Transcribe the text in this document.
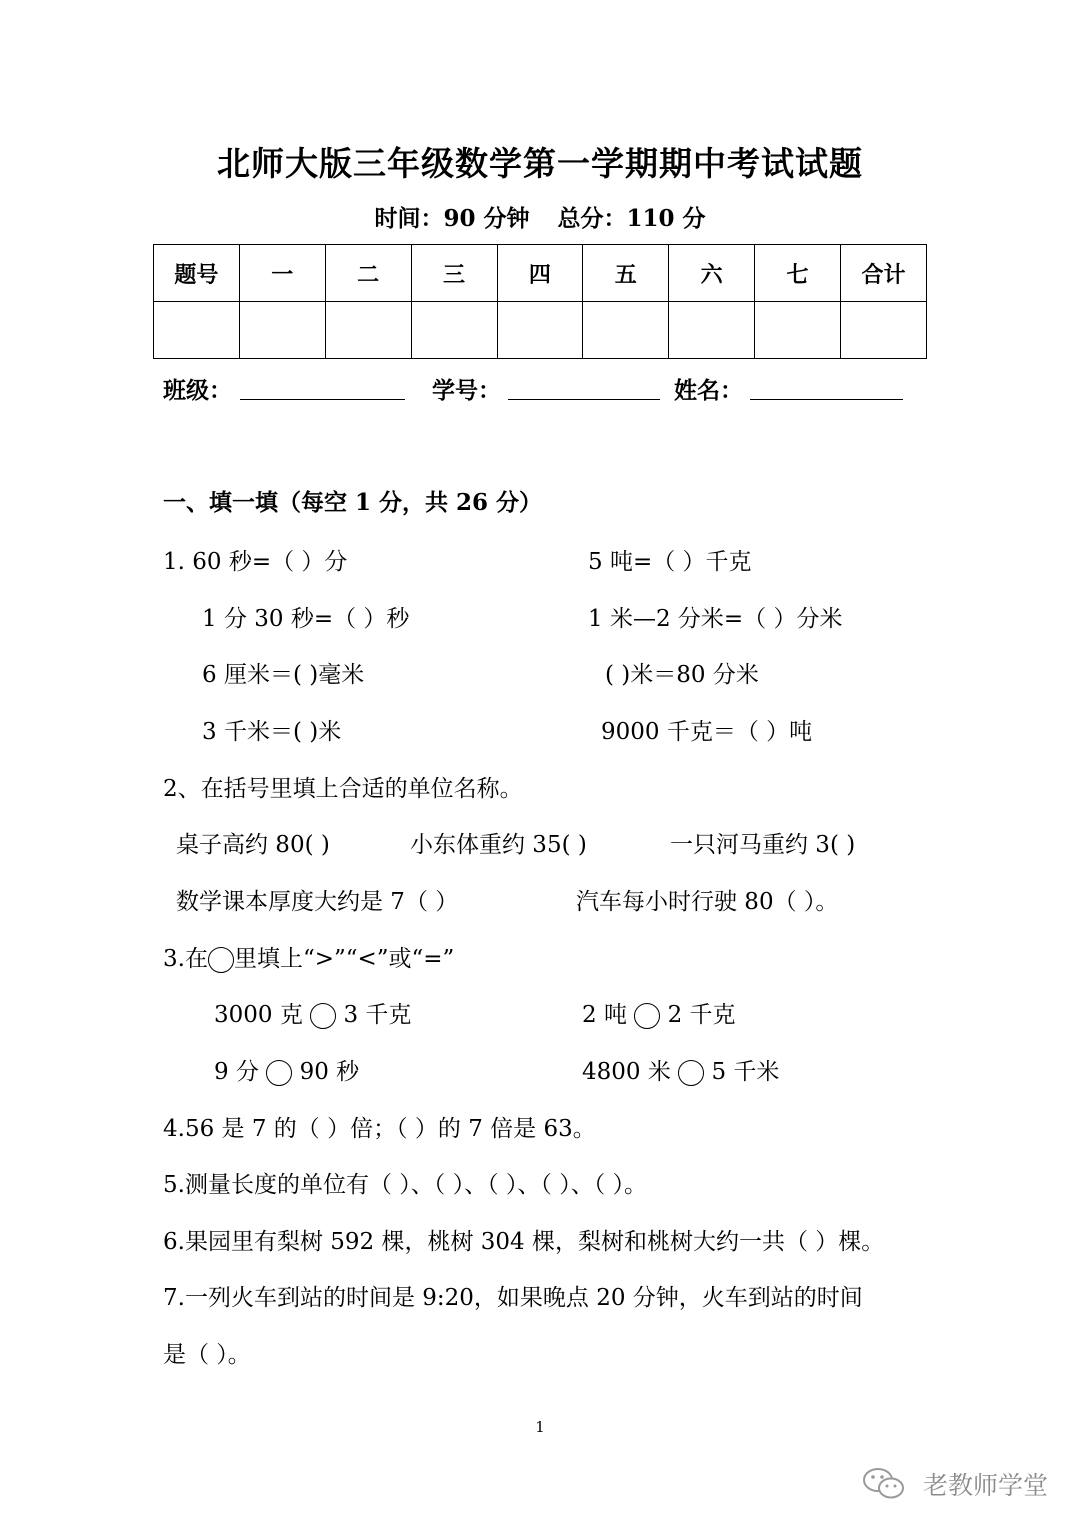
北师大版三年级数学第一学期期中考试试题
时间：90 分钟 总分：110 分
题号	一	二	三	四	五	六	七	合计

班级：	学号：	姓名：
一、填一填（每空 1 分，共 26 分）
1. 60 秒=（ ）分	5 吨=（ ）千克
1 分 30 秒=（ ）秒	1 米—2 分米=（ ）分米
6 厘米＝( )毫米	( )米＝80 分米
3 千米＝( )米	9000 千克＝（ ）吨
2、在括号里填上合适的单位名称。
桌子高约 80( )	小东体重约 35( )	一只河马重约 3( )
数学课本厚度大约是 7（ ）	汽车每小时行驶 80（ ）。
3.在 里填上“>”“<”或“=”
3000 克 3 千克	2 吨 2 千克
9 分 90 秒	4800 米 5 千米
4.56 是 7 的（ ）倍；（ ）的 7 倍是 63。
5.测量长度的单位有（ ）、（ ）、（ ）、（ ）、（ ）。
6.果园里有梨树 592 棵，桃树 304 棵，梨树和桃树大约一共（ ）棵。
7.一列火车到站的时间是 9:20，如果晚点 20 分钟，火车到站的时间
是（ ）。
1
老教师学堂
